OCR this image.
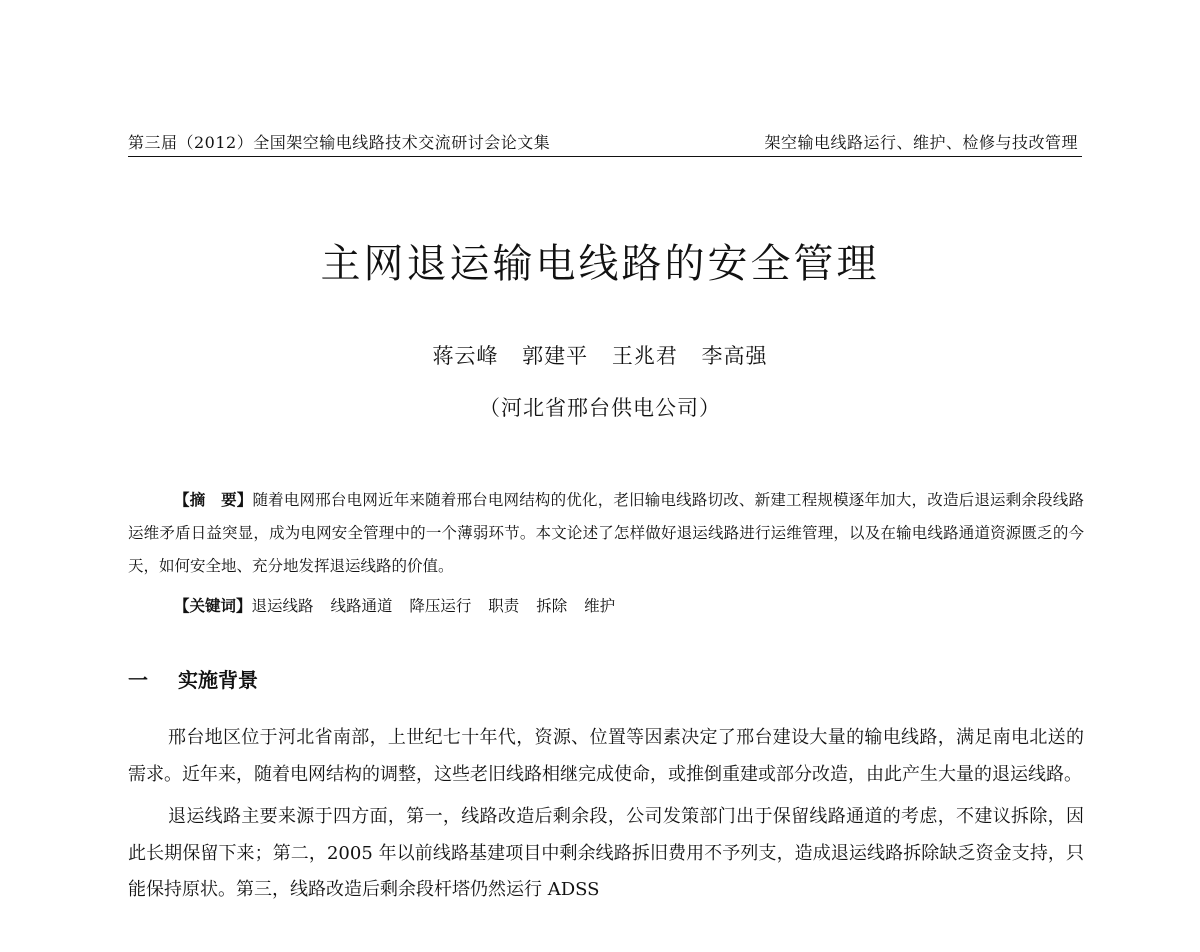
第三届（2012）全国架空输电线路技术交流研讨会论文集	架空输电线路运行、维护、检修与技改管理
主网退运输电线路的安全管理
蒋云峰 郭建平 王兆君 李高强
（河北省邢台供电公司）

【摘　要】随着电网邢台电网近年来随着邢台电网结构的优化，老旧输电线路切改、新建工程规模逐年加大，改造后退运剩余段线路运维矛盾日益突显，成为电网安全管理中的一个薄弱环节。本文论述了怎样做好退运线路进行运维管理，以及在输电线路通道资源匮乏的今天，如何安全地、充分地发挥退运线路的价值。

【关键词】退运线路 线路通道 降压运行 职责 拆除 维护
一 实施背景

邢台地区位于河北省南部，上世纪七十年代，资源、位置等因素决定了邢台建设大量的输电线路，满足南电北送的需求。近年来，随着电网结构的调整，这些老旧线路相继完成使命，或推倒重建或部分改造，由此产生大量的退运线路。

退运线路主要来源于四方面，第一，线路改造后剩余段，公司发策部门出于保留线路通道的考虑，不建议拆除，因此长期保留下来；第二，2005 年以前线路基建项目中剩余线路拆旧费用不予列支，造成退运线路拆除缺乏资金支持，只能保持原状。第三，线路改造后剩余段杆塔仍然运行 ADSS
